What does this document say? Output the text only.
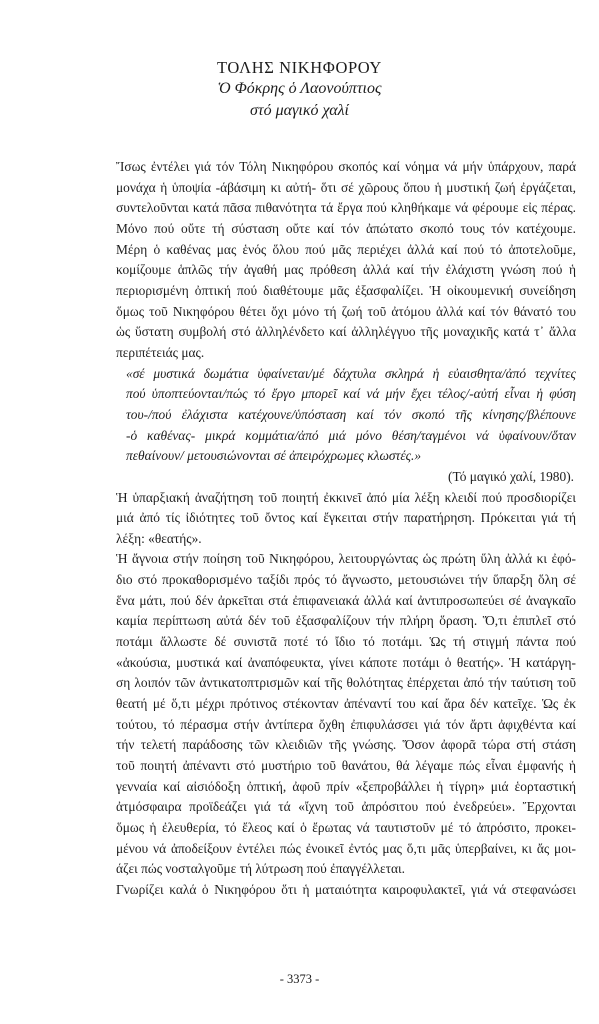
ΤΟΛΗΣ ΝΙΚΗΦΟΡΟΥ
Ὁ Φόκρης ὁ Λαονούπτιος
στό μαγικό χαλί

Ἴσως ἐντέλει γιά τόν Τόλη Νικηφόρου σκοπός καί νόημα νά μήν ὑπάρχουν, παρά
μονάχα ἡ ὑποψία -άβάσιμη κι αὐτή- ὅτι σέ χῶρους ὅπου ἡ μυστική ζωή ἐργάζεται,
συντελοῦνται κατά πᾶσα πιθανότητα τά ἔργα πού κληθήκαμε νά φέρουμε εἰς πέρας.
Μόνο πού οὔτε τή σύσταση οὔτε καί τόν ἀπώτατο σκοπό τους τόν κατέχουμε.
Μέρη ὁ καθένας μας ἑνός ὅλου πού μᾶς περιέχει ἀλλά καί πού τό ἀποτελοῦμε,
κομίζουμε ἁπλῶς τήν ἀγαθή μας πρόθεση ἀλλά καί τήν ἐλάχιστη γνώση πού ἡ
περιορισμένη ὀπτική πού διαθέτουμε μᾶς ἐξασφαλίζει. Ἡ οἰκουμενική συνείδηση
ὅμως τοῦ Νικηφόρου θέτει ὄχι μόνο τή ζωή τοῦ ἀτόμου ἀλλά καί τόν θάνατό του
ὡς ὕστατη συμβολή στό ἀλληλένδετο καί ἀλληλέγγυο τῆς μοναχικῆς κατά τ᾽ ἄλλα
περιπέτειάς μας.

«σέ μυστικά δωμάτια ὑφαίνεται/μέ δάχτυλα σκληρά ἡ εὐαισθητα/ἀπό τεχνίτες
πού ὑποπτεύονται/πώς τό ἔργο μπορεῖ καί νά μήν ἔχει τέλος/-αὐτή εἶναι ἡ φύση
του-/πού ἐλάχιστα κατέχουνε/ὑπόσταση καί τόν σκοπό τῆς κίνησης/βλέπουνε
-ὁ καθένας- μικρά κομμάτια/ἀπό μιά μόνο θέση/ταγμένοι νά ὑφαίνουν/ὅταν
πεθαίνουν/ μετουσιώνονται σέ ἀπειρόχρωμες κλωστές.»

(Τό μαγικό χαλί, 1980).

Ἡ ὑπαρξιακή ἀναζήτηση τοῦ ποιητή ἐκκινεῖ ἀπό μία λέξη κλειδί πού προσδιορίζει
μιά ἀπό τίς ἰδιότητες τοῦ ὄντος καί ἔγκειται στήν παρατήρηση. Πρόκειται γιά τή
λέξη: «θεατής».

Ἡ ἄγνοια στήν ποίηση τοῦ Νικηφόρου, λειτουργώντας ὡς πρώτη ὕλη ἀλλά κι ἐφό-
διο στό προκαθορισμένο ταξίδι πρός τό ἄγνωστο, μετουσιώνει τήν ὕπαρξη ὅλη σέ
ἕνα μάτι, πού δέν ἀρκεῖται στά ἐπιφανειακά ἀλλά καί ἀντιπροσωπεύει σέ ἀναγκαῖο
καμία περίπτωση αὐτά δέν τοῦ ἐξασφαλίζουν τήν πλήρη ὅραση. Ὅ,τι ἐπιπλεῖ στό
ποτάμι ἄλλωστε δέ συνιστᾶ ποτέ τό ἴδιο τό ποτάμι. Ὡς τή στιγμή πάντα πού
«ἀκούσια, μυστικά καί ἀναπόφευκτα, γίνει κάποτε ποτάμι ὁ θεατής». Ἡ κατάργη-
ση λοιπόν τῶν ἀντικατοπτρισμῶν καί τῆς θολότητας ἐπέρχεται ἀπό τήν ταύτιση τοῦ
θεατή μέ ὅ,τι μέχρι πρότινος στέκονταν ἀπέναντί του καί ἄρα δέν κατεῖχε. Ὡς ἐκ
τούτου, τό πέρασμα στήν ἀντίπερα ὄχθη ἐπιφυλάσσει γιά τόν ἄρτι ἀφιχθέντα καί
τήν τελετή παράδοσης τῶν κλειδιῶν τῆς γνώσης. Ὅσον ἀφορᾶ τώρα στή στάση
τοῦ ποιητή ἀπέναντι στό μυστήριο τοῦ θανάτου, θά λέγαμε πώς εἶναι ἐμφανής ἡ
γενναία καί αἰσιόδοξη ὀπτική, ἀφοῦ πρίν «ξεπροβάλλει ἡ τίγρη» μιά ἑορταστική
ἀτμόσφαιρα προϊδεάζει γιά τά «ἴχνη τοῦ ἀπρόσιτου πού ἐνεδρεύει». Ἔρχονται
ὅμως ἡ ἐλευθερία, τό ἔλεος καί ὁ ἔρωτας νά ταυτιστοῦν μέ τό ἀπρόσιτο, προκει-
μένου νά ἀποδείξουν ἐντέλει πώς ἐνοικεῖ ἐντός μας ὅ,τι μᾶς ὑπερβαίνει, κι ἄς μοι-
άζει πώς νοσταλγοῦμε τή λύτρωση πού ἐπαγγέλλεται.

Γνωρίζει καλά ὁ Νικηφόρου ὅτι ἡ ματαιότητα καιροφυλακτεῖ, γιά νά στεφανώσει

- 3373 -
